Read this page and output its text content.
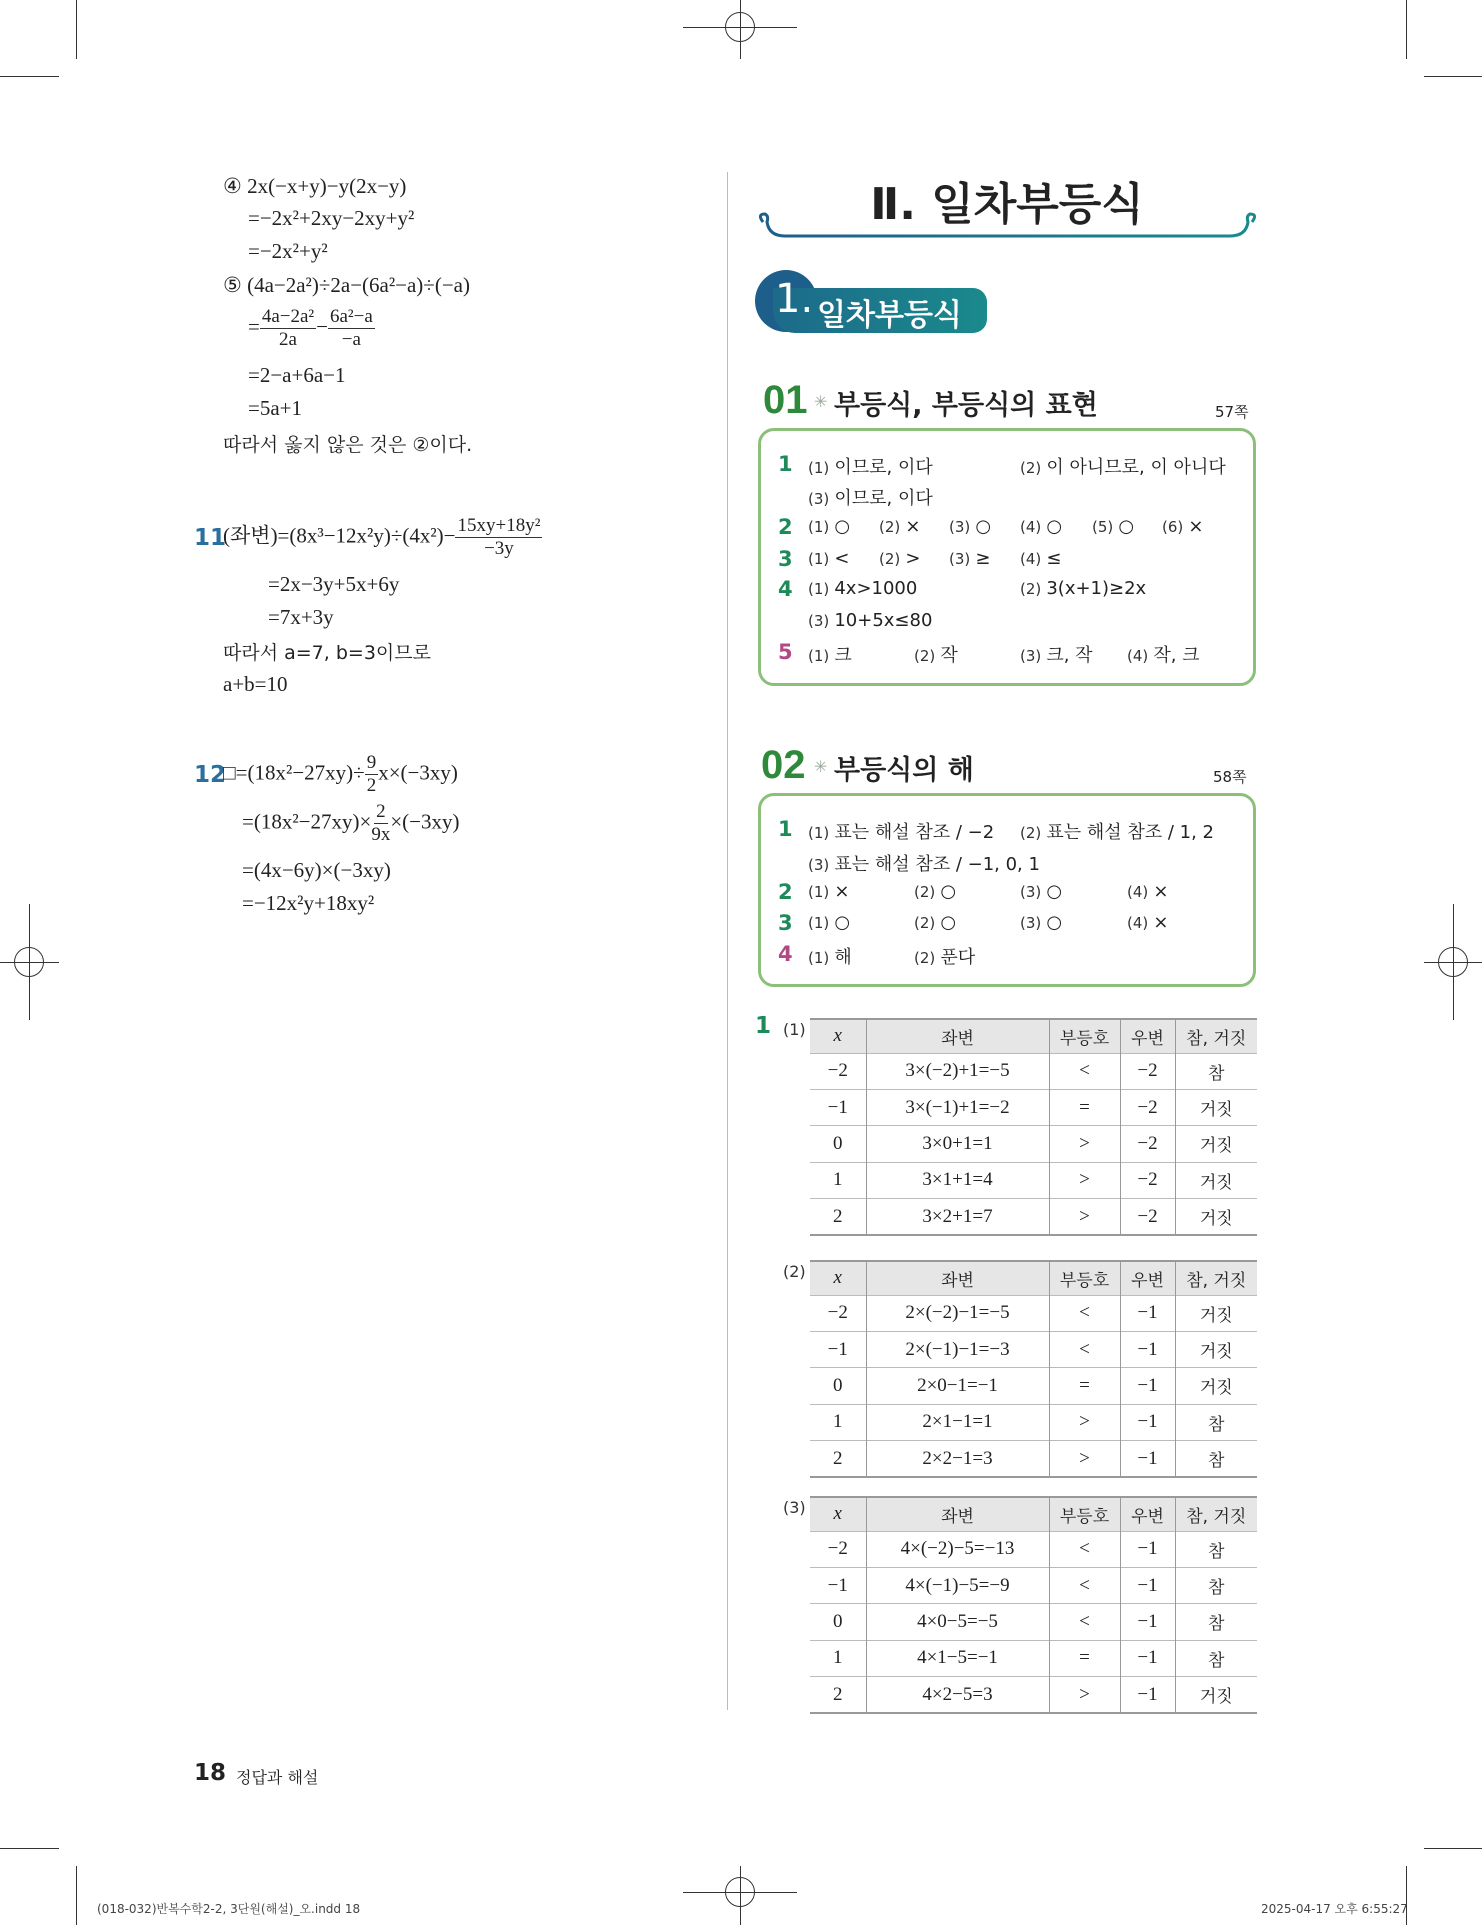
④ 2x(−x+y)−y(2x−y)
=−2x²+2xy−2xy+y²
=−2x²+y²
⑤ (4a−2a²)÷2a−(6a²−a)÷(−a)
= $\frac{\text{4a−2a²}}{2a} - \frac{\text{6a²−a}}{-a}$
=2−a+6a−1
=5a+1
따라서 옳지 않은 것은 ②이다.
11
(좌변)$=(8x^3-12x^2y)\div(4x^2)- \frac{\text{15xy+18y²}}{-3y}$
=2x−3y+5x+6y
=7x+3y
따라서 a=7, b=3이므로
a+b=10
12
□=(18x²−27xy)÷ $\frac{9}{2} x\times(-3xy)$
$=(18x^2-27xy)\times \frac{2}{9x} \times(-3xy)$
=(4x−6y)×(−3xy)
=−12x²y+18xy²
18 정답과 해설
(018-032)반복수학2-2, 3단원(해설)_오.indd 18	2025-04-17 오후 6:55:27
Ⅱ. 일차부등식
1. 일차부등식
01 ✳ 부등식, 부등식의 표현	57쪽
1 (1) 이므로, 이다	(2) 이 아니므로, 이 아니다
(3) 이므로, 이다
2 (1) ○ (2) × (3) ○ (4) ○ (5) ○ (6) ×
3 (1) < (2) > (3) ≥ (4) ≤
4 (1) 4x>1000	(2) 3(x+1)≥2x
(3) 10+5x≤80
5 (1) 크	(2) 작	(3) 크, 작 (4) 작, 크
02 ✳ 부등식의 해	58쪽
1 (1) 표는 해설 참조 / −2 (2) 표는 해설 참조 / 1, 2
(3) 표는 해설 참조 / −1, 0, 1
2 (1) ×	(2) ○	(3) ○	(4) ×
3 (1) ○	(2) ○	(3) ○	(4) ×
4 (1) 해	(2) 푼다
1 (1) x	좌변	부등호	우변	참, 거짓
−2	3×(−2)+1=−5	<	−2	참
−1	3×(−1)+1=−2	=	−2	거짓
0	3×0+1=1	>	−2	거짓
1	3×1+1=4	>	−2	거짓
2	3×2+1=7	>	−2	거짓
(2) x	좌변	부등호	우변	참, 거짓
−2	2×(−2)−1=−5	<	−1	거짓
−1	2×(−1)−1=−3	<	−1	거짓
0	2×0−1=−1	=	−1	거짓
1	2×1−1=1	>	−1	참
2	2×2−1=3	>	−1	참
(3) x	좌변	부등호	우변	참, 거짓
−2	4×(−2)−5=−13	<	−1	참
−1	4×(−1)−5=−9	<	−1	참
0	4×0−5=−5	<	−1	참
1	4×1−5=−1	=	−1	참
2	4×2−5=3	>	−1	거짓
